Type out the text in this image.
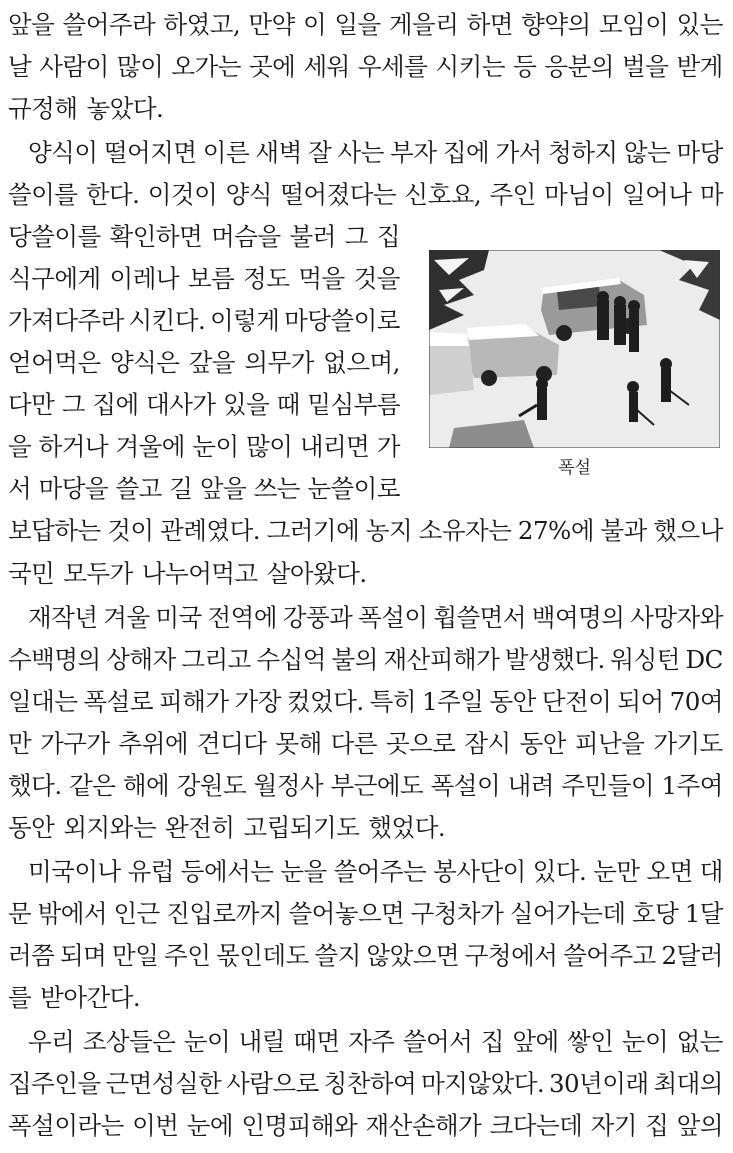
앞을 쓸어주라 하였고, 만약 이 일을 게을리 하면 향약의 모임이 있는
날 사람이 많이 오가는 곳에 세워 우세를 시키는 등 응분의 벌을 받게
규정해 놓았다.
양식이 떨어지면 이른 새벽 잘 사는 부자 집에 가서 청하지 않는 마당
쓸이를 한다. 이것이 양식 떨어졌다는 신호요, 주인 마님이 일어나 마
당쓸이를 확인하면 머슴을 불러 그 집
식구에게 이레나 보름 정도 먹을 것을
가져다주라 시킨다. 이렇게 마당쓸이로
얻어먹은 양식은 갚을 의무가 없으며,
다만 그 집에 대사가 있을 때 밑심부름
을 하거나 겨울에 눈이 많이 내리면 가
서 마당을 쓸고 길 앞을 쓰는 눈쓸이로
보답하는 것이 관례였다. 그러기에 농지 소유자는 27%에 불과 했으나
국민 모두가 나누어먹고 살아왔다.
재작년 겨울 미국 전역에 강풍과 폭설이 휩쓸면서 백여명의 사망자와
수백명의 상해자 그리고 수십억 불의 재산피해가 발생했다. 워싱턴 DC
일대는 폭설로 피해가 가장 컸었다. 특히 1주일 동안 단전이 되어 70여
만 가구가 추위에 견디다 못해 다른 곳으로 잠시 동안 피난을 가기도
했다. 같은 해에 강원도 월정사 부근에도 폭설이 내려 주민들이 1주여
동안 외지와는 완전히 고립되기도 했었다.
미국이나 유럽 등에서는 눈을 쓸어주는 봉사단이 있다. 눈만 오면 대
문 밖에서 인근 진입로까지 쓸어놓으면 구청차가 실어가는데 호당 1달
러쯤 되며 만일 주인 몫인데도 쓸지 않았으면 구청에서 쓸어주고 2달러
를 받아간다.
우리 조상들은 눈이 내릴 때면 자주 쓸어서 집 앞에 쌓인 눈이 없는
집주인을 근면성실한 사람으로 칭찬하여 마지않았다. 30년이래 최대의
폭설이라는 이번 눈에 인명피해와 재산손해가 크다는데 자기 집 앞의
폭설
